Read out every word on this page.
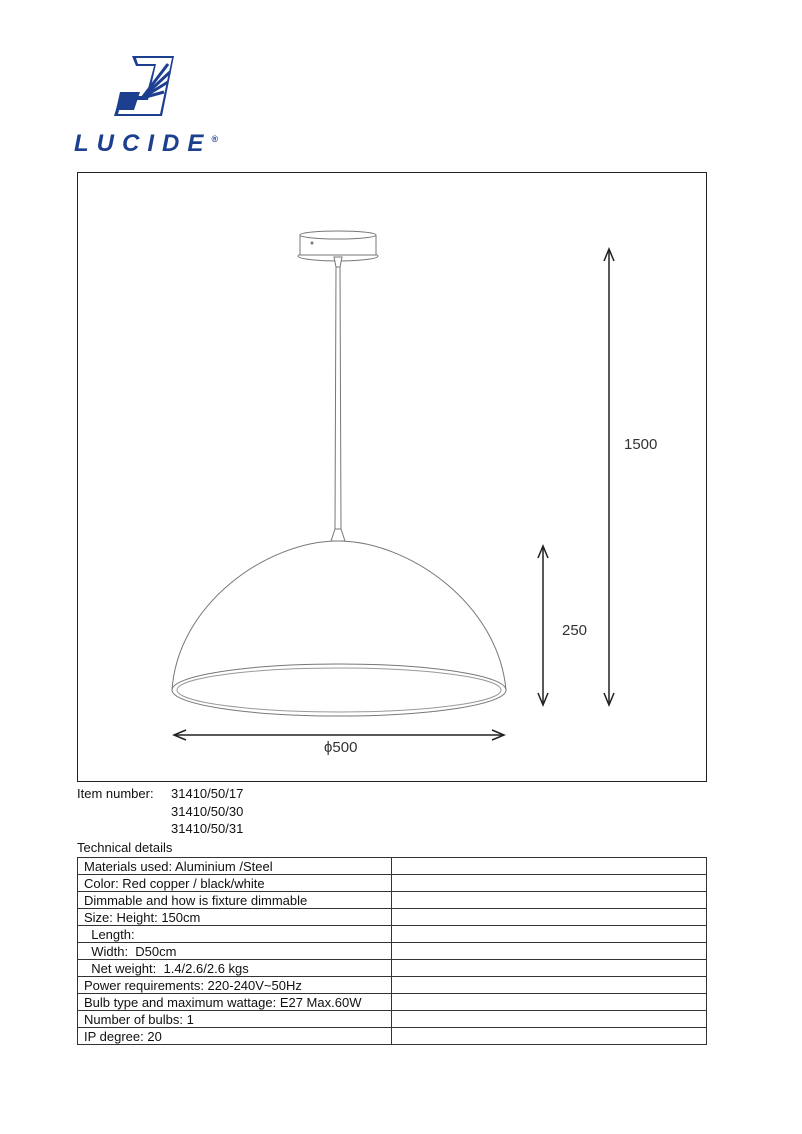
LUCIDE®
1500
250
ϕ500
Item number: 31410/50/17
31410/50/30
31410/50/31
Technical details
Materials used: Aluminium /Steel	
Color: Red copper / black/white	
Dimmable and how is fixture dimmable	
Size: Height: 150cm	
Length:	
Width:  D50cm	
Net weight:  1.4/2.6/2.6 kgs	
Power requirements: 220-240V~50Hz	
Bulb type and maximum wattage: E27 Max.60W	
Number of bulbs: 1	
IP degree: 20	
